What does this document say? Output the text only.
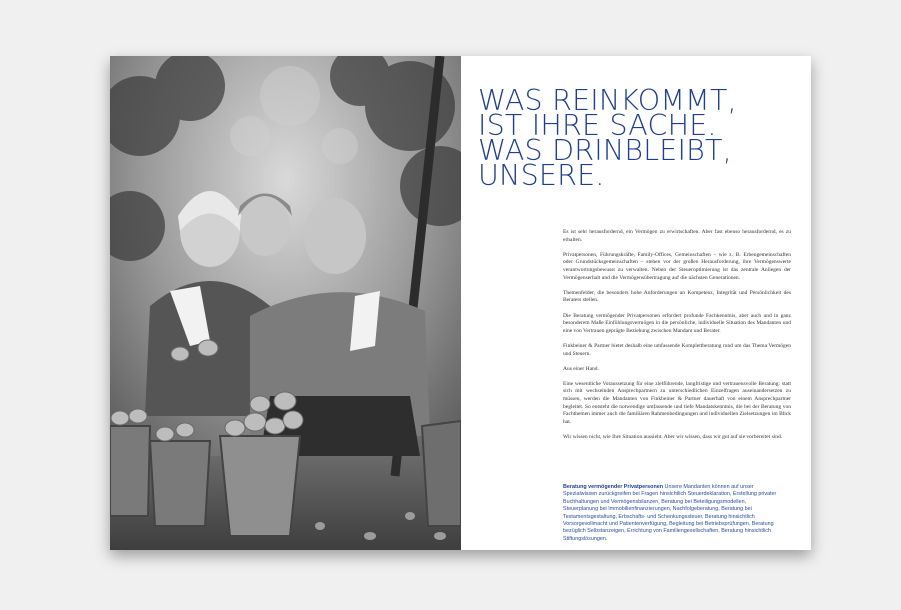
WAS REINKOMMT,
IST IHRE SACHE.
WAS DRINBLEIBT,
UNSERE.

Es ist sehr herausfordernd, ein Vermögen zu erwirtschaften. Aber fast ebenso herausfordernd, es zu erhalten.

Privatpersonen, Führungskräfte, Family-Offices, Gemeinschaften – wie z. B. Erbengemeinschaften oder Grundstücksgemeinschaften – stehen vor der großen Herausforderung, ihre Vermögenswerte verantwortungsbewusst zu verwalten. Neben der Steueroptimierung ist das zentrale Anliegen der Vermögenserhalt und die Vermögensübertragung auf die nächsten Generationen.

Themenfelder, die besonders hohe Anforderungen an Kompetenz, Integrität und Persönlichkeit des Beraters stellen.

Die Beratung vermögender Privatpersonen erfordert profunde Fachkenntnis, aber auch und in ganz besonderem Maße Einfühlungsvermögen in die persönliche, individuelle Situation des Mandanten und eine von Vertrauen geprägte Beziehung zwischen Mandant und Berater.

Finkbeiner & Partner bietet deshalb eine umfassende Komplettberatung rund um das Thema Vermögen und Steuern.

Aus einer Hand.

Eine wesentliche Voraussetzung für eine zielführende, langfristige und vertrauensvolle Beratung: statt sich mit wechselnden Ansprechpartnern zu unterschiedlichen Einzelfragen auseinandersetzen zu müssen, werden die Mandanten von Finkbeiner & Partner dauerhaft von einem Ansprechpartner begleitet. So entsteht die notwendige umfassende und tiefe Mandatskenntnis, die bei der Beratung von Fachthemen immer auch die familiären Rahmenbedingungen und individuellen Zielsetzungen im Blick hat.

Wir wissen nicht, wie Ihre Situation aussieht. Aber wir wissen, dass wir gut auf sie vorbereitet sind.

Beratung vermögender Privatpersonen Unsere Mandanten können auf unser Spezialwissen zurückgreifen bei Fragen hinsichtlich Steuerdeklaration, Erstellung privater Buchhaltungen und Vermögensbilanzen, Beratung bei Beteiligungsmodellen, Steuerplanung bei Immobilienfinanzierungen, Nachfolgeberatung, Beratung bei Testamentsgestaltung, Erbschafts- und Schenkungssteuer, Beratung hinsichtlich Vorsorgevollmacht und Patientenverfügung, Begleitung bei Betriebsprüfungen, Beratung bezüglich Selbstanzeigen, Errichtung von Familiengesellschaften, Beratung hinsichtlich Stiftungslösungen.
